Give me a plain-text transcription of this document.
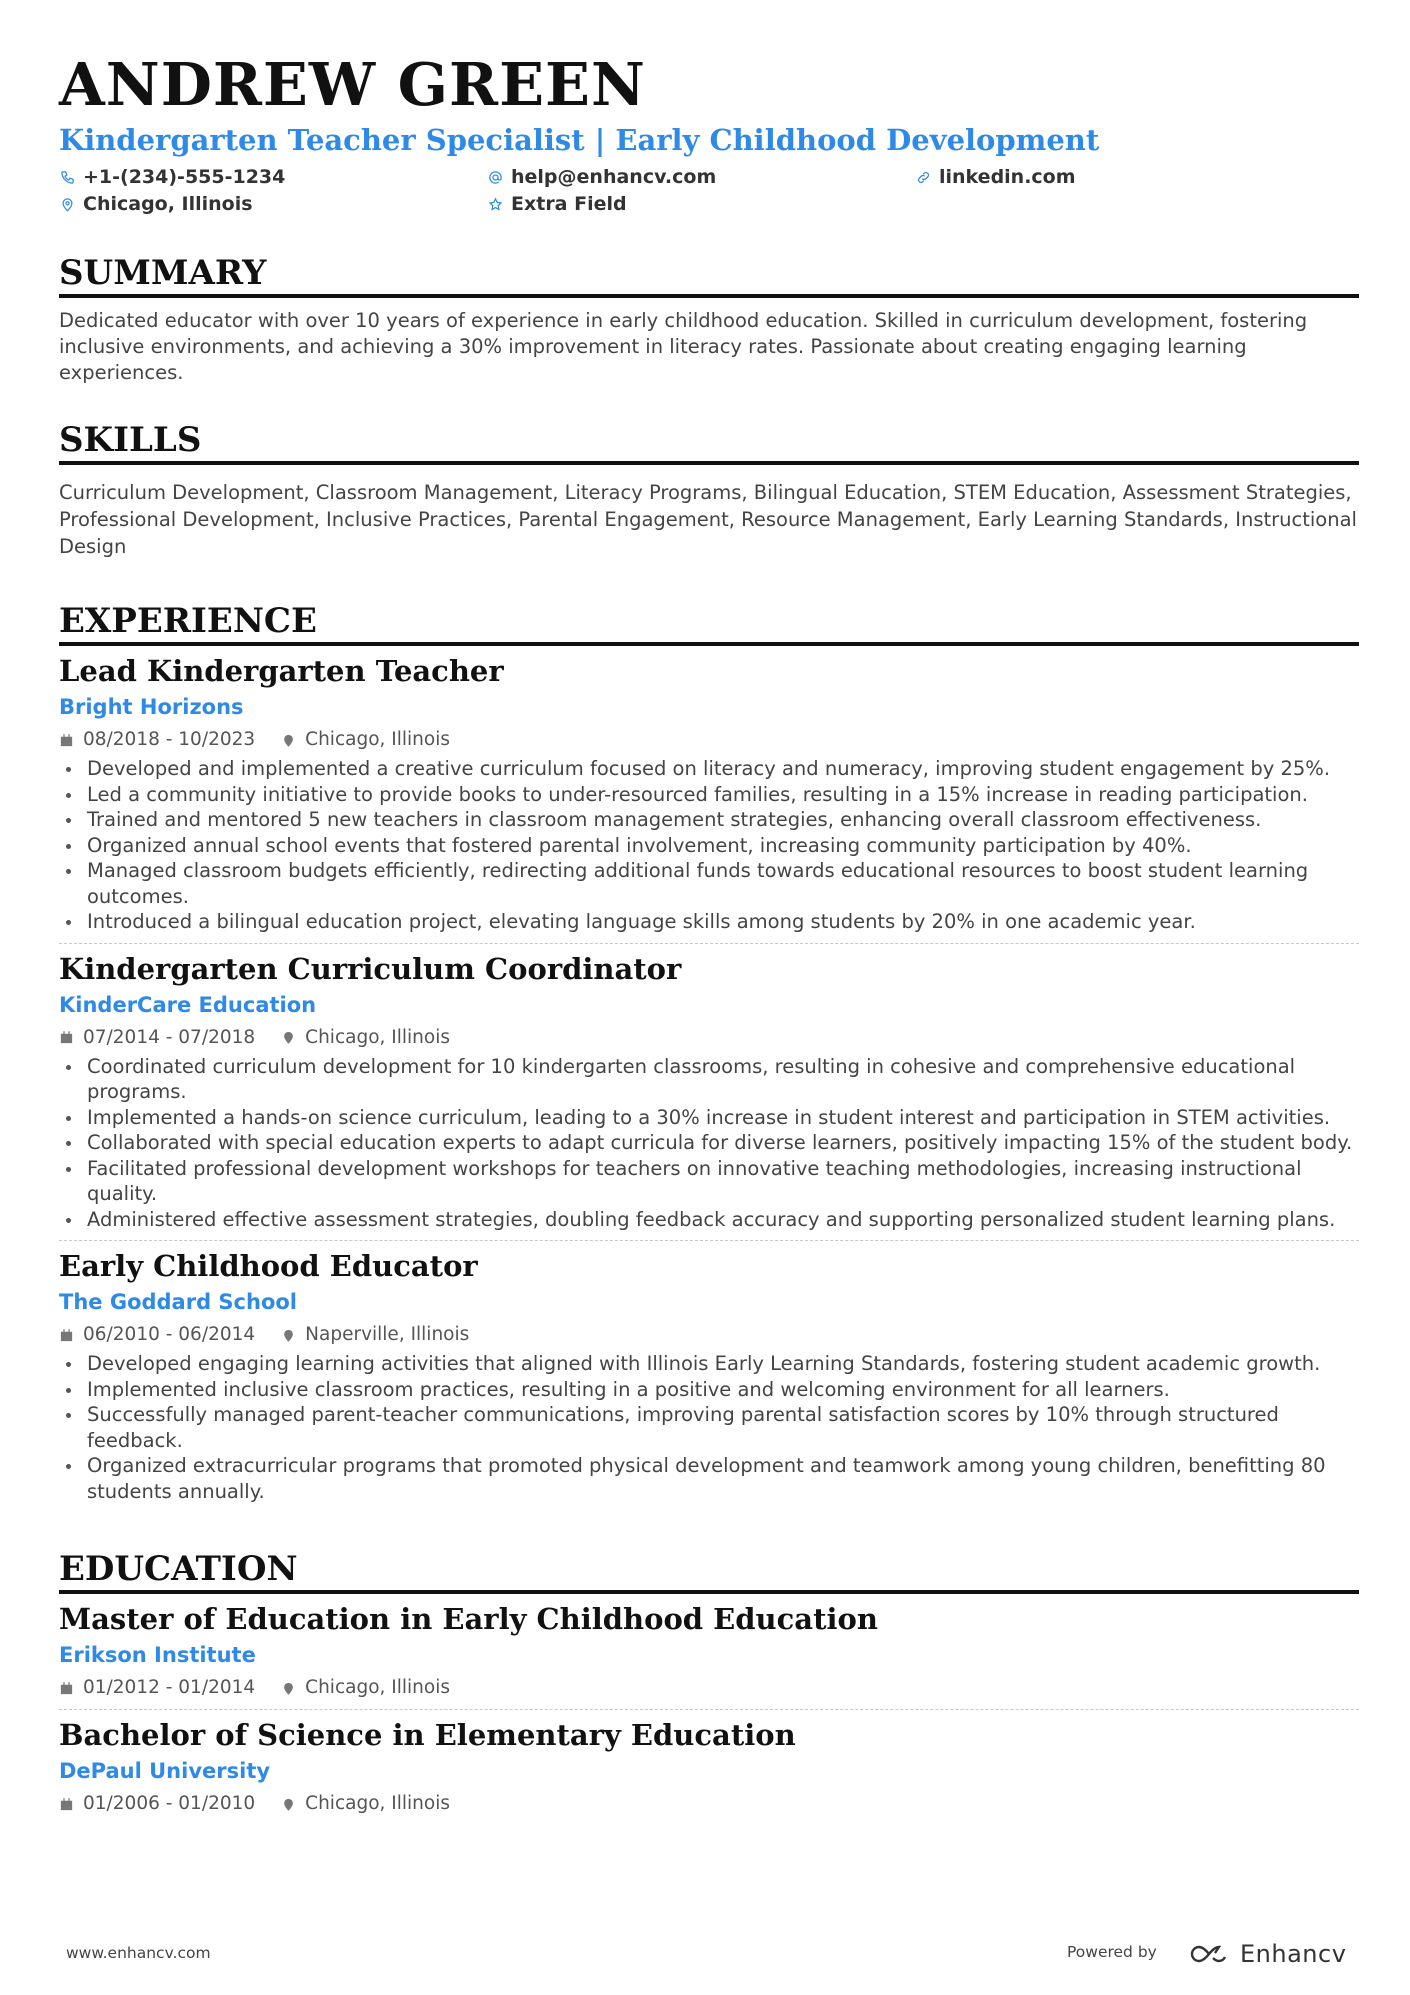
ANDREW GREEN
Kindergarten Teacher Specialist | Early Childhood Development
+1-(234)-555-1234	help@enhancv.com	linkedin.com
Chicago, Illinois	Extra Field
SUMMARY

Dedicated educator with over 10 years of experience in early childhood education. Skilled in curriculum development, fostering inclusive environments, and achieving a 30% improvement in literacy rates. Passionate about creating engaging learning experiences.

SKILLS

Curriculum Development, Classroom Management, Literacy Programs, Bilingual Education, STEM Education, Assessment Strategies, Professional Development, Inclusive Practices, Parental Engagement, Resource Management, Early Learning Standards, Instructional Design

EXPERIENCE
Lead Kindergarten Teacher
Bright Horizons
08/2018 - 10/2023	Chicago, Illinois
Developed and implemented a creative curriculum focused on literacy and numeracy, improving student engagement by 25%.
Led a community initiative to provide books to under-resourced families, resulting in a 15% increase in reading participation.
Trained and mentored 5 new teachers in classroom management strategies, enhancing overall classroom effectiveness.
Organized annual school events that fostered parental involvement, increasing community participation by 40%.
Managed classroom budgets efficiently, redirecting additional funds towards educational resources to boost student learning outcomes.
Introduced a bilingual education project, elevating language skills among students by 20% in one academic year.
Kindergarten Curriculum Coordinator
KinderCare Education
07/2014 - 07/2018	Chicago, Illinois
Coordinated curriculum development for 10 kindergarten classrooms, resulting in cohesive and comprehensive educational programs.
Implemented a hands-on science curriculum, leading to a 30% increase in student interest and participation in STEM activities.
Collaborated with special education experts to adapt curricula for diverse learners, positively impacting 15% of the student body.
Facilitated professional development workshops for teachers on innovative teaching methodologies, increasing instructional quality.
Administered effective assessment strategies, doubling feedback accuracy and supporting personalized student learning plans.
Early Childhood Educator
The Goddard School
06/2010 - 06/2014	Naperville, Illinois
Developed engaging learning activities that aligned with Illinois Early Learning Standards, fostering student academic growth.
Implemented inclusive classroom practices, resulting in a positive and welcoming environment for all learners.
Successfully managed parent-teacher communications, improving parental satisfaction scores by 10% through structured feedback.
Organized extracurricular programs that promoted physical development and teamwork among young children, benefitting 80 students annually.
EDUCATION
Master of Education in Early Childhood Education
Erikson Institute
01/2012 - 01/2014	Chicago, Illinois
Bachelor of Science in Elementary Education
DePaul University
01/2006 - 01/2010	Chicago, Illinois
www.enhancv.com	Powered by	Enhancv
